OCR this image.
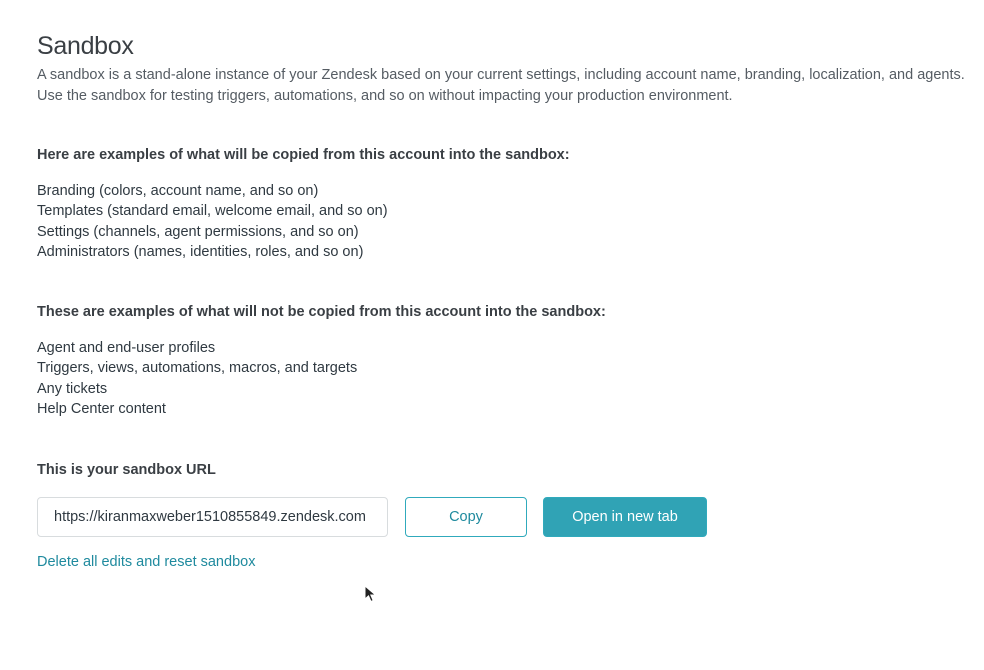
Sandbox

A sandbox is a stand-alone instance of your Zendesk based on your current settings, including account name, branding, localization, and agents. Use the sandbox for testing triggers, automations, and so on without impacting your production environment.

Here are examples of what will be copied from this account into the sandbox:

Branding (colors, account name, and so on)
Templates (standard email, welcome email, and so on)
Settings (channels, agent permissions, and so on)
Administrators (names, identities, roles, and so on)

These are examples of what will not be copied from this account into the sandbox:

Agent and end-user profiles
Triggers, views, automations, macros, and targets
Any tickets
Help Center content

This is your sandbox URL

https://kiranmaxweber1510855849.zendesk.com
Copy	Open in new tab
Delete all edits and reset sandbox
